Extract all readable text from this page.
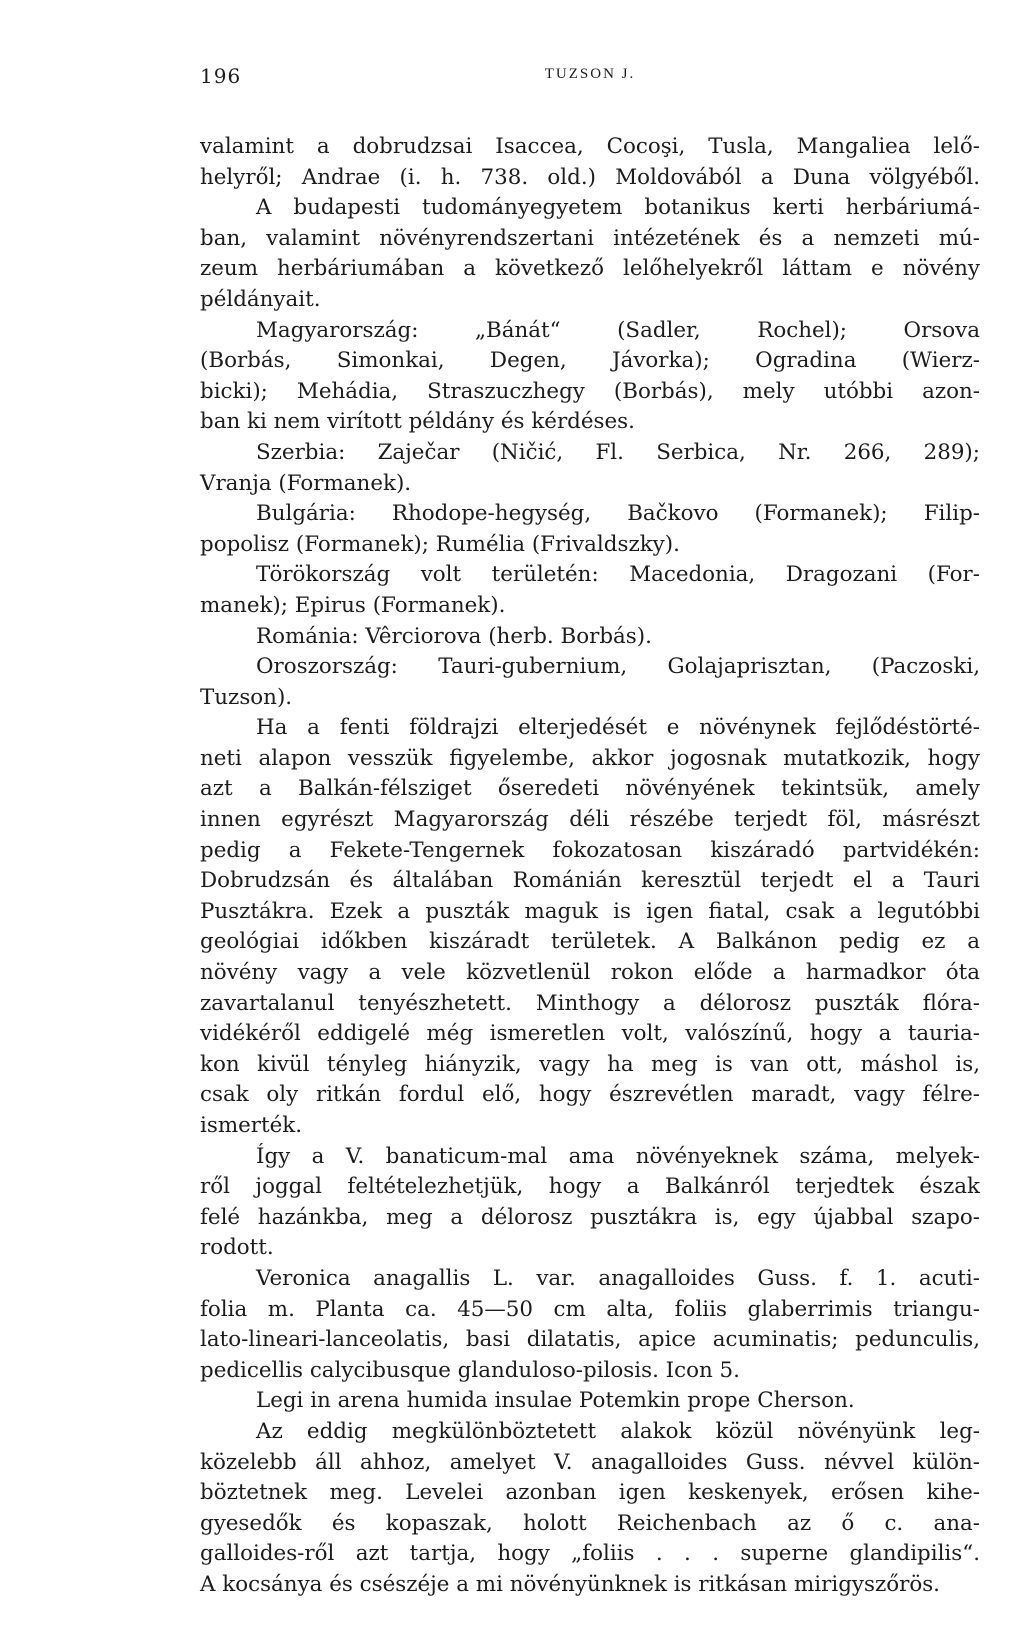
196	TUZSON J.
valamint a dobrudzsai Isaccea, Cocoşi, Tusla, Mangaliea lelő-
helyről; Andrae (i. h. 738. old.) Moldovából a Duna völgyéből.
A budapesti tudományegyetem botanikus kerti herbáriumá-
ban, valamint növényrendszertani intézetének és a nemzeti mú-
zeum herbáriumában a következő lelőhelyekről láttam e növény
példányait.
Magyarország: „Bánát“ (Sadler, Rochel); Orsova
(Borbás, Simonkai, Degen, Jávorka); Ogradina (Wierz-
bicki); Mehádia, Straszuczhegy (Borbás), mely utóbbi azon-
ban ki nem virított példány és kérdéses.
Szerbia: Zaječar (Ničić, Fl. Serbica, Nr. 266, 289);
Vranja (Formanek).
Bulgária: Rhodope-hegység, Bačkovo (Formanek); Filip-
popolisz (Formanek); Rumélia (Frivaldszky).
Törökország volt területén: Macedonia, Dragozani (For-
manek); Epirus (Formanek).
Románia: Vêrciorova (herb. Borbás).
Oroszország: Tauri-gubernium, Golajaprisztan, (Paczoski,
Tuzson).
Ha a fenti földrajzi elterjedését e növénynek fejlődéstörté-
neti alapon vesszük figyelembe, akkor jogosnak mutatkozik, hogy
azt a Balkán-félsziget őseredeti növényének tekintsük, amely
innen egyrészt Magyarország déli részébe terjedt föl, másrészt
pedig a Fekete-Tengernek fokozatosan kiszáradó partvidékén:
Dobrudzsán és általában Románián keresztül terjedt el a Tauri
Pusztákra. Ezek a puszták maguk is igen fiatal, csak a legutóbbi
geológiai időkben kiszáradt területek. A Balkánon pedig ez a
növény vagy a vele közvetlenül rokon elődе a harmadkor óta
zavartalanul tenyészhetett. Minthogy a délorosz puszták flóra-
vidékéről eddigelé még ismeretlen volt, valószínű, hogy a tauria-
kon kivül tényleg hiányzik, vagy ha meg is van ott, máshol is,
csak oly ritkán fordul elő, hogy észrevétlen maradt, vagy félre-
ismerték.
Így a V. banaticum-mal ama növényeknek száma, melyek-
ről joggal feltételezhetjük, hogy a Balkánról terjedtek észak
felé hazánkba, meg a délorosz pusztákra is, egy újabbal szapo-
rodott.
Veronica anagallis L. var. anagalloides Guss. f. 1. acuti-
folia m. Planta ca. 45—50 cm alta, foliis glaberrimis triangu-
lato-lineari-lanceolatis, basi dilatatis, apice acuminatis; pedunculis,
pedicellis calycibusque glanduloso-pilosis. Icon 5.
Legi in arena humida insulae Potemkin prope Cherson.
Az eddig megkülönböztetett alakok közül növényünk leg-
közelebb áll ahhoz, amelyet V. anagalloides Guss. névvel külön-
böztetnek meg. Levelei azonban igen keskenyek, erősen kihe-
gyesedők és kopaszak, holott Reichenbach az ő c. ana-
galloides-ről azt tartja, hogy „foliis . . . superne glandipilis“.
A kocsánya és csészéje a mi növényünknek is ritkásan mirigyszőrös.
